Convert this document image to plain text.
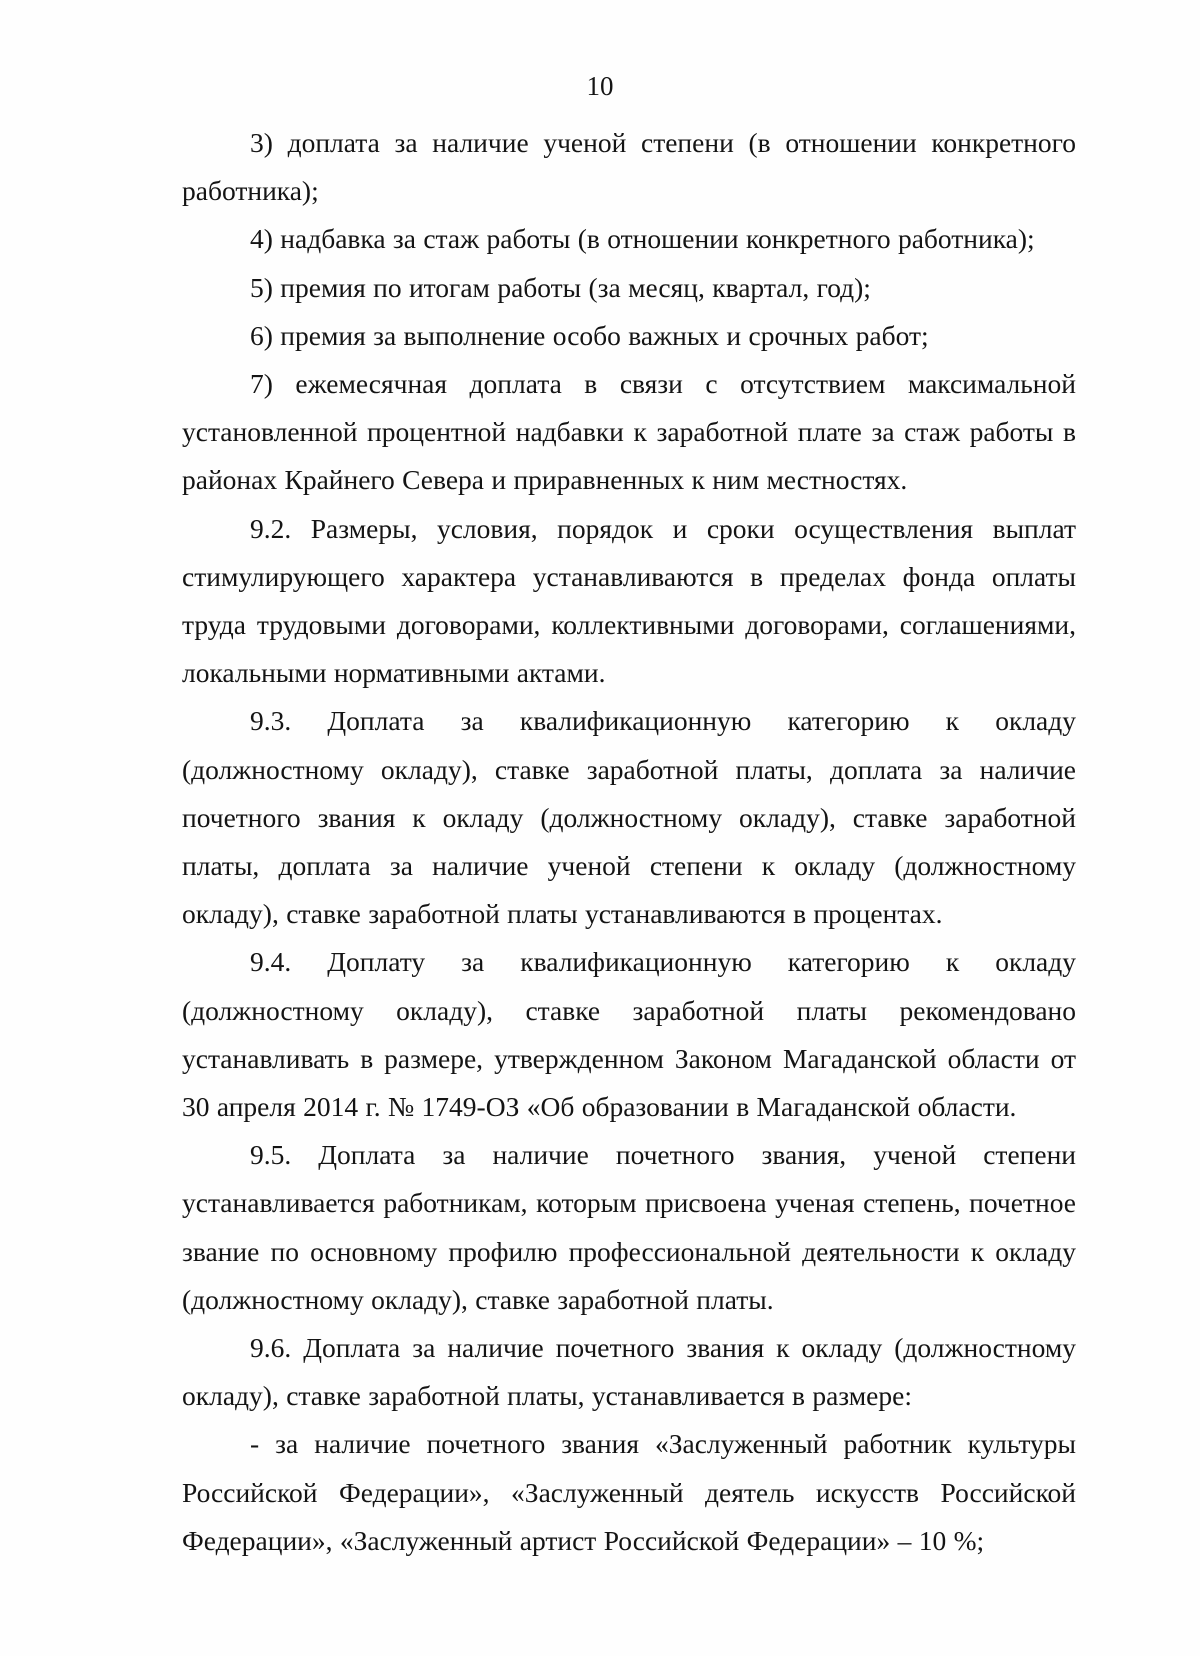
10

3) доплата за наличие ученой степени (в отношении конкретного работника);

4) надбавка за стаж работы (в отношении конкретного работника);

5) премия по итогам работы (за месяц, квартал, год);

6) премия за выполнение особо важных и срочных работ;

7) ежемесячная доплата в связи с отсутствием максимальной установленной процентной надбавки к заработной плате за стаж работы в районах Крайнего Севера и приравненных к ним местностях.

9.2. Размеры, условия, порядок и сроки осуществления выплат стимулирующего характера устанавливаются в пределах фонда оплаты труда трудовыми договорами, коллективными договорами, соглашениями, локальными нормативными актами.

9.3. Доплата за квалификационную категорию к окладу (должностному окладу), ставке заработной платы, доплата за наличие почетного звания к окладу (должностному окладу), ставке заработной платы, доплата за наличие ученой степени к окладу (должностному окладу), ставке заработной платы устанавливаются в процентах.

9.4. Доплату за квалификационную категорию к окладу (должностному окладу), ставке заработной платы рекомендовано устанавливать в размере, утвержденном Законом Магаданской области от 30 апреля 2014 г. № 1749-ОЗ «Об образовании в Магаданской области.

9.5. Доплата за наличие почетного звания, ученой степени устанавливается работникам, которым присвоена ученая степень, почетное звание по основному профилю профессиональной деятельности к окладу (должностному окладу), ставке заработной платы.

9.6. Доплата за наличие почетного звания к окладу (должностному окладу), ставке заработной платы, устанавливается в размере:

- за наличие почетного звания «Заслуженный работник культуры Российской Федерации», «Заслуженный деятель искусств Российской Федерации», «Заслуженный артист Российской Федерации» – 10 %;
